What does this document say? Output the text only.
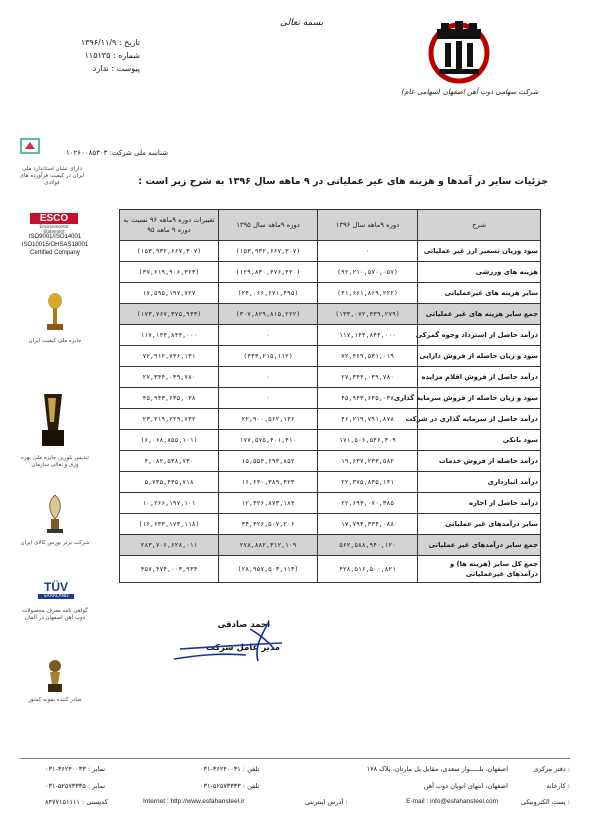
بسمه تعالی
شرکت سهامی ذوب آهن اصفهان (سهامی عام)
تاریخ : ۱۳۹۶/۱۱/۹
شماره : ۱۱۵۱۳۵
پیوست : ندارد
شناسه ملی شرکت: ۱۰۲۶۰۰۸۵۳۰۳
دارای نشان استاندارد ملی ایران در کیفیت فرآورده های فولادی
ESCO
Environmental Statement
ISO9001/ISO14001
ISO10015/OHSAS18001
Certified Company
جایزه ملی کیفیت ایران
تندیس بلورین جایزه ملی بهره وری و تعالی سازمان
شرکت برتر بورس کالای ایران
TÜV
SAARLAND
گواهی نامه معرف محصولات ذوب آهن اصفهان در آلمان
صادر کننده نمونه کشور
جزئیات سایر در آمدها و هزینه های غیر عملیاتی در ۹ ماهه سال ۱۳۹۶ به شرح زیر است :
شرح	دوره ۹ماهه سال ۱۳۹۶	دوره ۹ماهه سال ۱۳۹۵	تغییرات دوره ۹ماهه ۹۶ نسبت به دوره ۹ ماهه ۹۵
سود وزیان تسعیر ارز غیر عملیاتی	۰	(۱۵۳,۹۳۲,۶۶۷,۳۰۷)	(۱۵۳,۹۳۲,۶۶۷,۳۰۷)
هزینه های ورزشی	(۹۲,۲۱۰,۵۷۰,۰۵۷)	(۱۲۹,۸۳۰,۴۷۶,۴۲۰)	(۳۷,۶۱۹,۹۰۶,۳۶۳)
سایر هزینه های غیرعملیاتی	(۴۱,۶۶۱,۸۶۹,۲۲۲)	(۲۴,۰۶۶,۶۷۱,۴۹۵)	۱۷,۵۹۵,۱۹۷,۷۲۷
جمع سایر هزینه های غیر عملیاتی	(۱۳۳,۰۷۲,۴۳۹,۲۷۹)	(۳۰۷,۸۲۹,۸۱۵,۲۲۲)	(۱۷۳,۷۶۷,۳۷۵,۹۴۳)
درآمد حاصل از استرداد وجوه گمرکی	۱۱۷,۱۴۴,۸۴۴,۰۰۰	۰	۱۱۷,۱۴۴,۸۴۴,۰۰۰
سود و زیان حاصله از فروش دارایی	۷۲,۴۶۹,۵۳۱,۰۱۹	(۴۴۳,۲۱۵,۱۱۲)	۷۲,۹۱۲,۷۴۶,۱۳۱
درآمد حاصل از فروش اقلام مزایده	۲۷,۳۴۴,۰۳۹,۷۸۰	۰	۲۷,۳۴۴,۰۳۹,۷۸۰
سود و زیان حاصله از فروش سرمایه گذاری	۴۵,۹۴۳,۶۳۵,۰۳۸	۰	۴۵,۹۴۳,۶۳۵,۰۳۸
درآمد حاصل از سرمایه گذاری در شرکت	۴۶,۲۱۹,۷۹۱,۸۷۸	۲۲,۹۰۰,۵۶۲,۱۴۶	۲۳,۳۱۹,۲۲۹,۷۳۲
سود بانکی	۱۷۱,۵۰۶,۵۴۶,۳۰۹	۱۷۷,۵۷۵,۴۰۱,۴۱۰	(۶,۰۶۸,۸۵۵,۱۰۱)
درآمد حاصله از فروش خدمات	۱۹,۶۳۷,۲۳۳,۵۸۲	۱۵,۵۵۴,۶۹۳,۸۵۲	۴,۰۸۲,۵۳۸,۷۳۰
درآمد انبارداری	۲۲,۳۷۵,۸۳۵,۱۴۱	۱۶,۶۴۰,۳۸۹,۴۲۳	۵,۷۳۵,۴۴۵,۷۱۸
درآمد حاصل از اجاره	۲۲,۶۹۳,۰۷۰,۳۸۵	۱۲,۴۲۶,۸۷۳,۱۸۴	۱۰,۲۶۶,۱۹۷,۱۰۱
سایر درآمدهای غیر عملیاتی	۱۷,۷۹۳,۳۳۴,۰۸۸	۳۴,۴۲۶,۵۰۷,۲۰۶	(۱۶,۶۳۳,۱۷۳,۱۱۸)
جمع سایر درآمدهای غیر عملیاتی	۵۶۲,۵۸۸,۹۴۰,۱۲۰	۲۷۸,۸۸۲,۳۱۲,۱۰۹	۲۸۳,۷۰۶,۶۲۸,۰۱۱
جمع کل سایر (هزینه ها) و درآمدهای غیرعملیاتی	۴۲۸,۵۱۶,۵۰۰,۸۲۱	(۲۸,۹۵۷,۵۰۳,۱۱۳)	۴۵۷,۴۷۴,۰۰۳,۹۳۴
احمد صادقی
مدیر عامل شرکت
دفتر مرکزی :
اصفهان، بلـــــوار سعدی، مقابل پل مارنان، پلاک ۱۷۸
تلفن : ۳۶۲۴۰۰۳۱-۰۳۱
نمابر : ۳۶۲۴۰۰۳۳-۰۳۱
کارخانه :
اصفهان، انتهای اتوبان ذوب آهن
تلفن : ۵۲۵۷۳۳۳۳-۰۳۱
نمابر : ۵۲۵۷۳۳۳۵-۰۳۱
پست الکترونیکی :
E-mail : info@esfahansteel.com
آدرس اینترنتی :
Internet : http://www.esfahansteel.ir
کدپستی : ۸۴۷۷۱۵۱۱۱۱
